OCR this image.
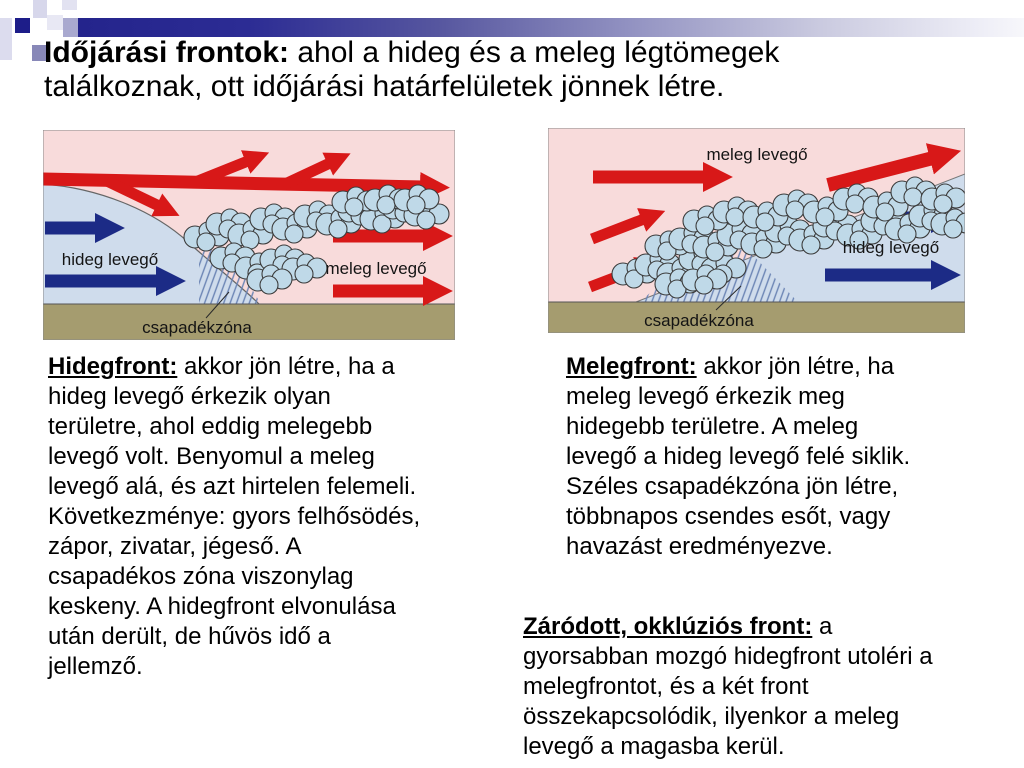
Időjárási frontok: ahol a hideg és a meleg légtömegek
találkoznak, ott időjárási határfelületek jönnek létre.
hideg levegő	meleg levegő
csapadékzóna
meleg levegő
hideg levegő
csapadékzóna
Hidegfront: akkor jön létre, ha a
hideg levegő érkezik olyan
területre, ahol eddig melegebb
levegő volt. Benyomul a meleg
levegő alá, és azt hirtelen felemeli.
Következménye: gyors felhősödés,
zápor, zivatar, jégeső. A
csapadékos zóna viszonylag
keskeny. A hidegfront elvonulása
után derült, de hűvös idő a
jellemző.
Melegfront: akkor jön létre, ha
meleg levegő érkezik meg
hidegebb területre. A meleg
levegő a hideg levegő felé siklik.
Széles csapadékzóna jön létre,
többnapos csendes esőt, vagy
havazást eredményezve.
Záródott, okklúziós front: a
gyorsabban mozgó hidegfront utoléri a
melegfrontot, és a két front
összekapcsolódik, ilyenkor a meleg
levegő a magasba kerül.
